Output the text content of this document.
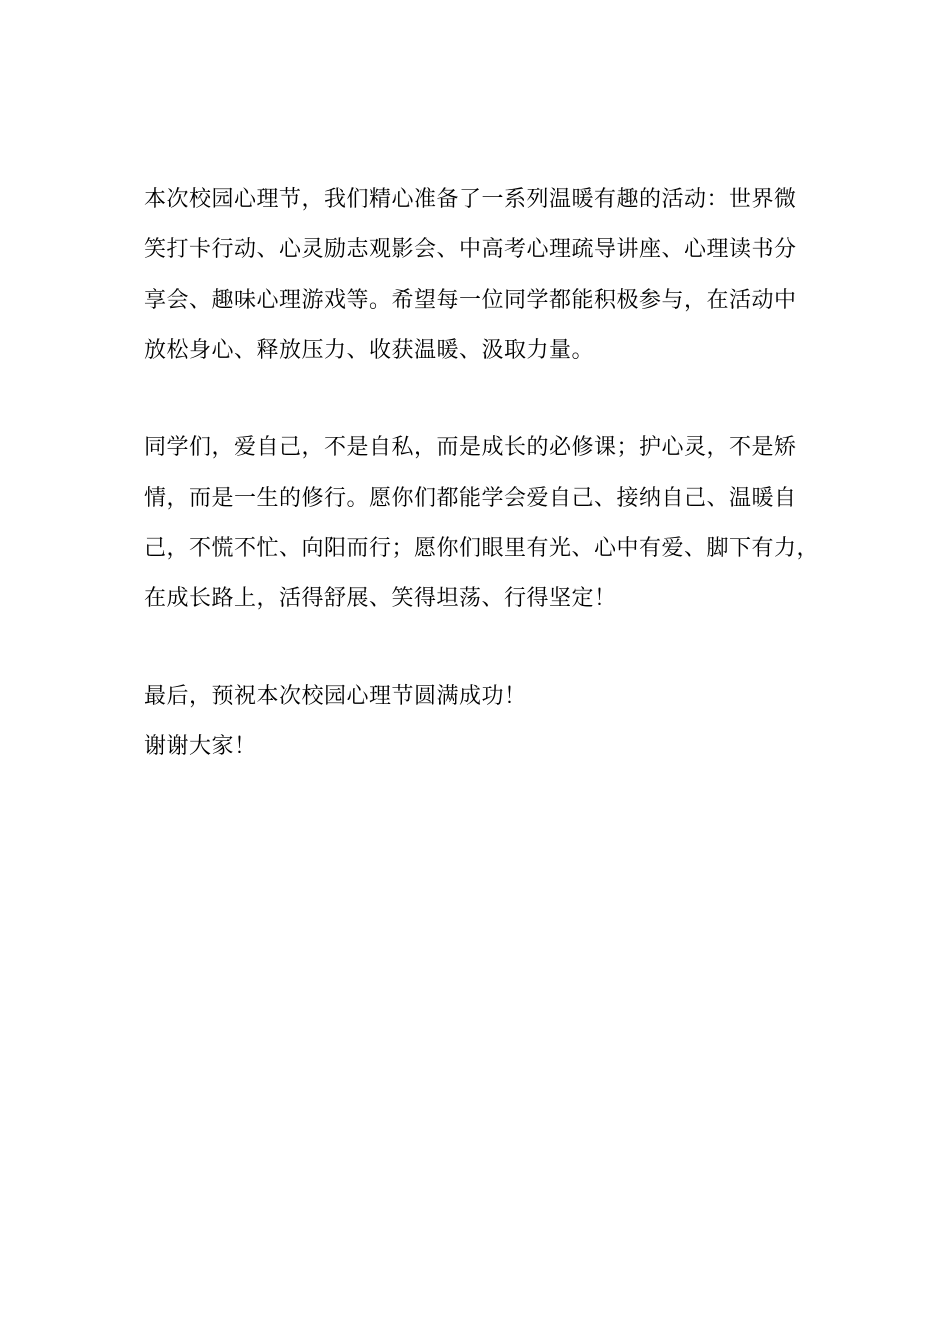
本次校园心理节，我们精心准备了一系列温暖有趣的活动：世界微
笑打卡行动、心灵励志观影会、中高考心理疏导讲座、心理读书分
享会、趣味心理游戏等。希望每一位同学都能积极参与，在活动中
放松身心、释放压力、收获温暖、汲取力量。
同学们，爱自己，不是自私，而是成长的必修课；护心灵，不是矫
情，而是一生的修行。愿你们都能学会爱自己、接纳自己、温暖自
己，不慌不忙、向阳而行；愿你们眼里有光、心中有爱、脚下有力，
在成长路上，活得舒展、笑得坦荡、行得坚定！
最后，预祝本次校园心理节圆满成功！
谢谢大家！
